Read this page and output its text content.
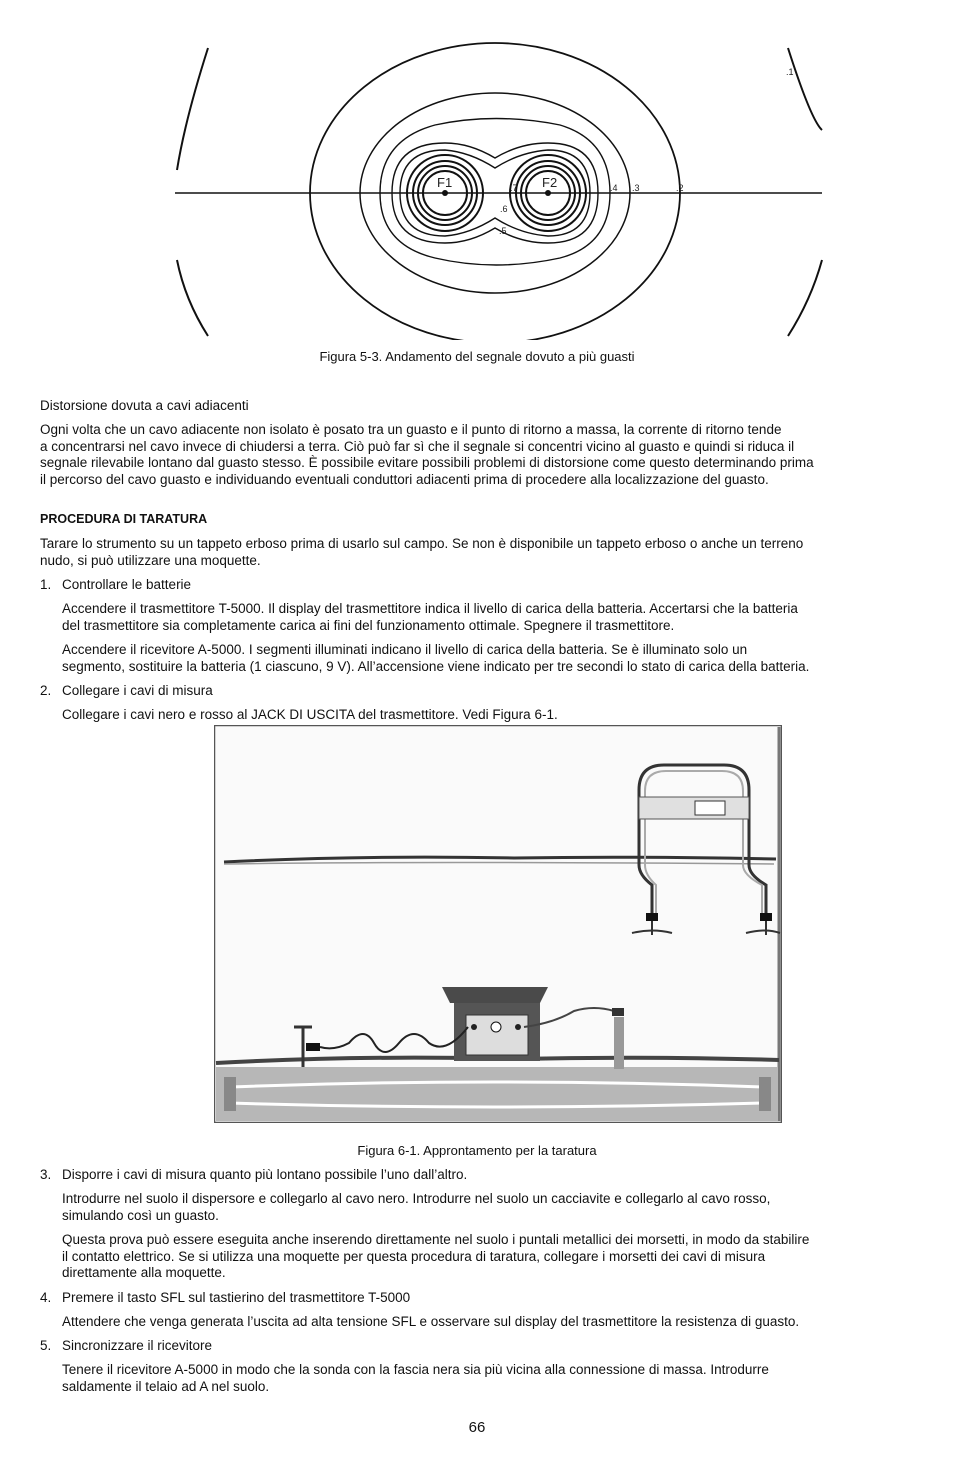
F1	F2
.1
.2
.3
.4
.5
.6
.7
Figura 5-3. Andamento del segnale dovuto a più guasti
Distorsione dovuta a cavi adiacenti
Ogni volta che un cavo adiacente non isolato è posato tra un guasto e il punto di ritorno a massa, la corrente di ritorno tende
a concentrarsi nel cavo invece di chiudersi a terra. Ciò può far sì che il segnale si concentri vicino al guasto e quindi si riduca il
segnale rilevabile lontano dal guasto stesso. È possibile evitare possibili problemi di distorsione come questo determinando prima
il percorso del cavo guasto e individuando eventuali conduttori adiacenti prima di procedere alla localizzazione del guasto.
PROCEDURA DI TARATURA
Tarare lo strumento su un tappeto erboso prima di usarlo sul campo. Se non è disponibile un tappeto erboso o anche un terreno
nudo, si può utilizzare una moquette.
1. Controllare le batterie
Accendere il trasmettitore T-5000. Il display del trasmettitore indica il livello di carica della batteria. Accertarsi che la batteria
del trasmettitore sia completamente carica ai fini del funzionamento ottimale. Spegnere il trasmettitore.
Accendere il ricevitore A-5000. I segmenti illuminati indicano il livello di carica della batteria. Se è illuminato solo un
segmento, sostituire la batteria (1 ciascuno, 9 V). All’accensione viene indicato per tre secondi lo stato di carica della batteria.
2. Collegare i cavi di misura
Collegare i cavi nero e rosso al JACK DI USCITA del trasmettitore. Vedi Figura 6-1.
Figura 6-1. Approntamento per la taratura
3. Disporre i cavi di misura quanto più lontano possibile l’uno dall’altro.
Introdurre nel suolo il dispersore e collegarlo al cavo nero. Introdurre nel suolo un cacciavite e collegarlo al cavo rosso,
simulando così un guasto.
Questa prova può essere eseguita anche inserendo direttamente nel suolo i puntali metallici dei morsetti, in modo da stabilire
il contatto elettrico. Se si utilizza una moquette per questa procedura di taratura, collegare i morsetti dei cavi di misura
direttamente alla moquette.
4. Premere il tasto SFL sul tastierino del trasmettitore T-5000
Attendere che venga generata l’uscita ad alta tensione SFL e osservare sul display del trasmettitore la resistenza di guasto.
5. Sincronizzare il ricevitore
Tenere il ricevitore A-5000 in modo che la sonda con la fascia nera sia più vicina alla connessione di massa. Introdurre
saldamente il telaio ad A nel suolo.
66
